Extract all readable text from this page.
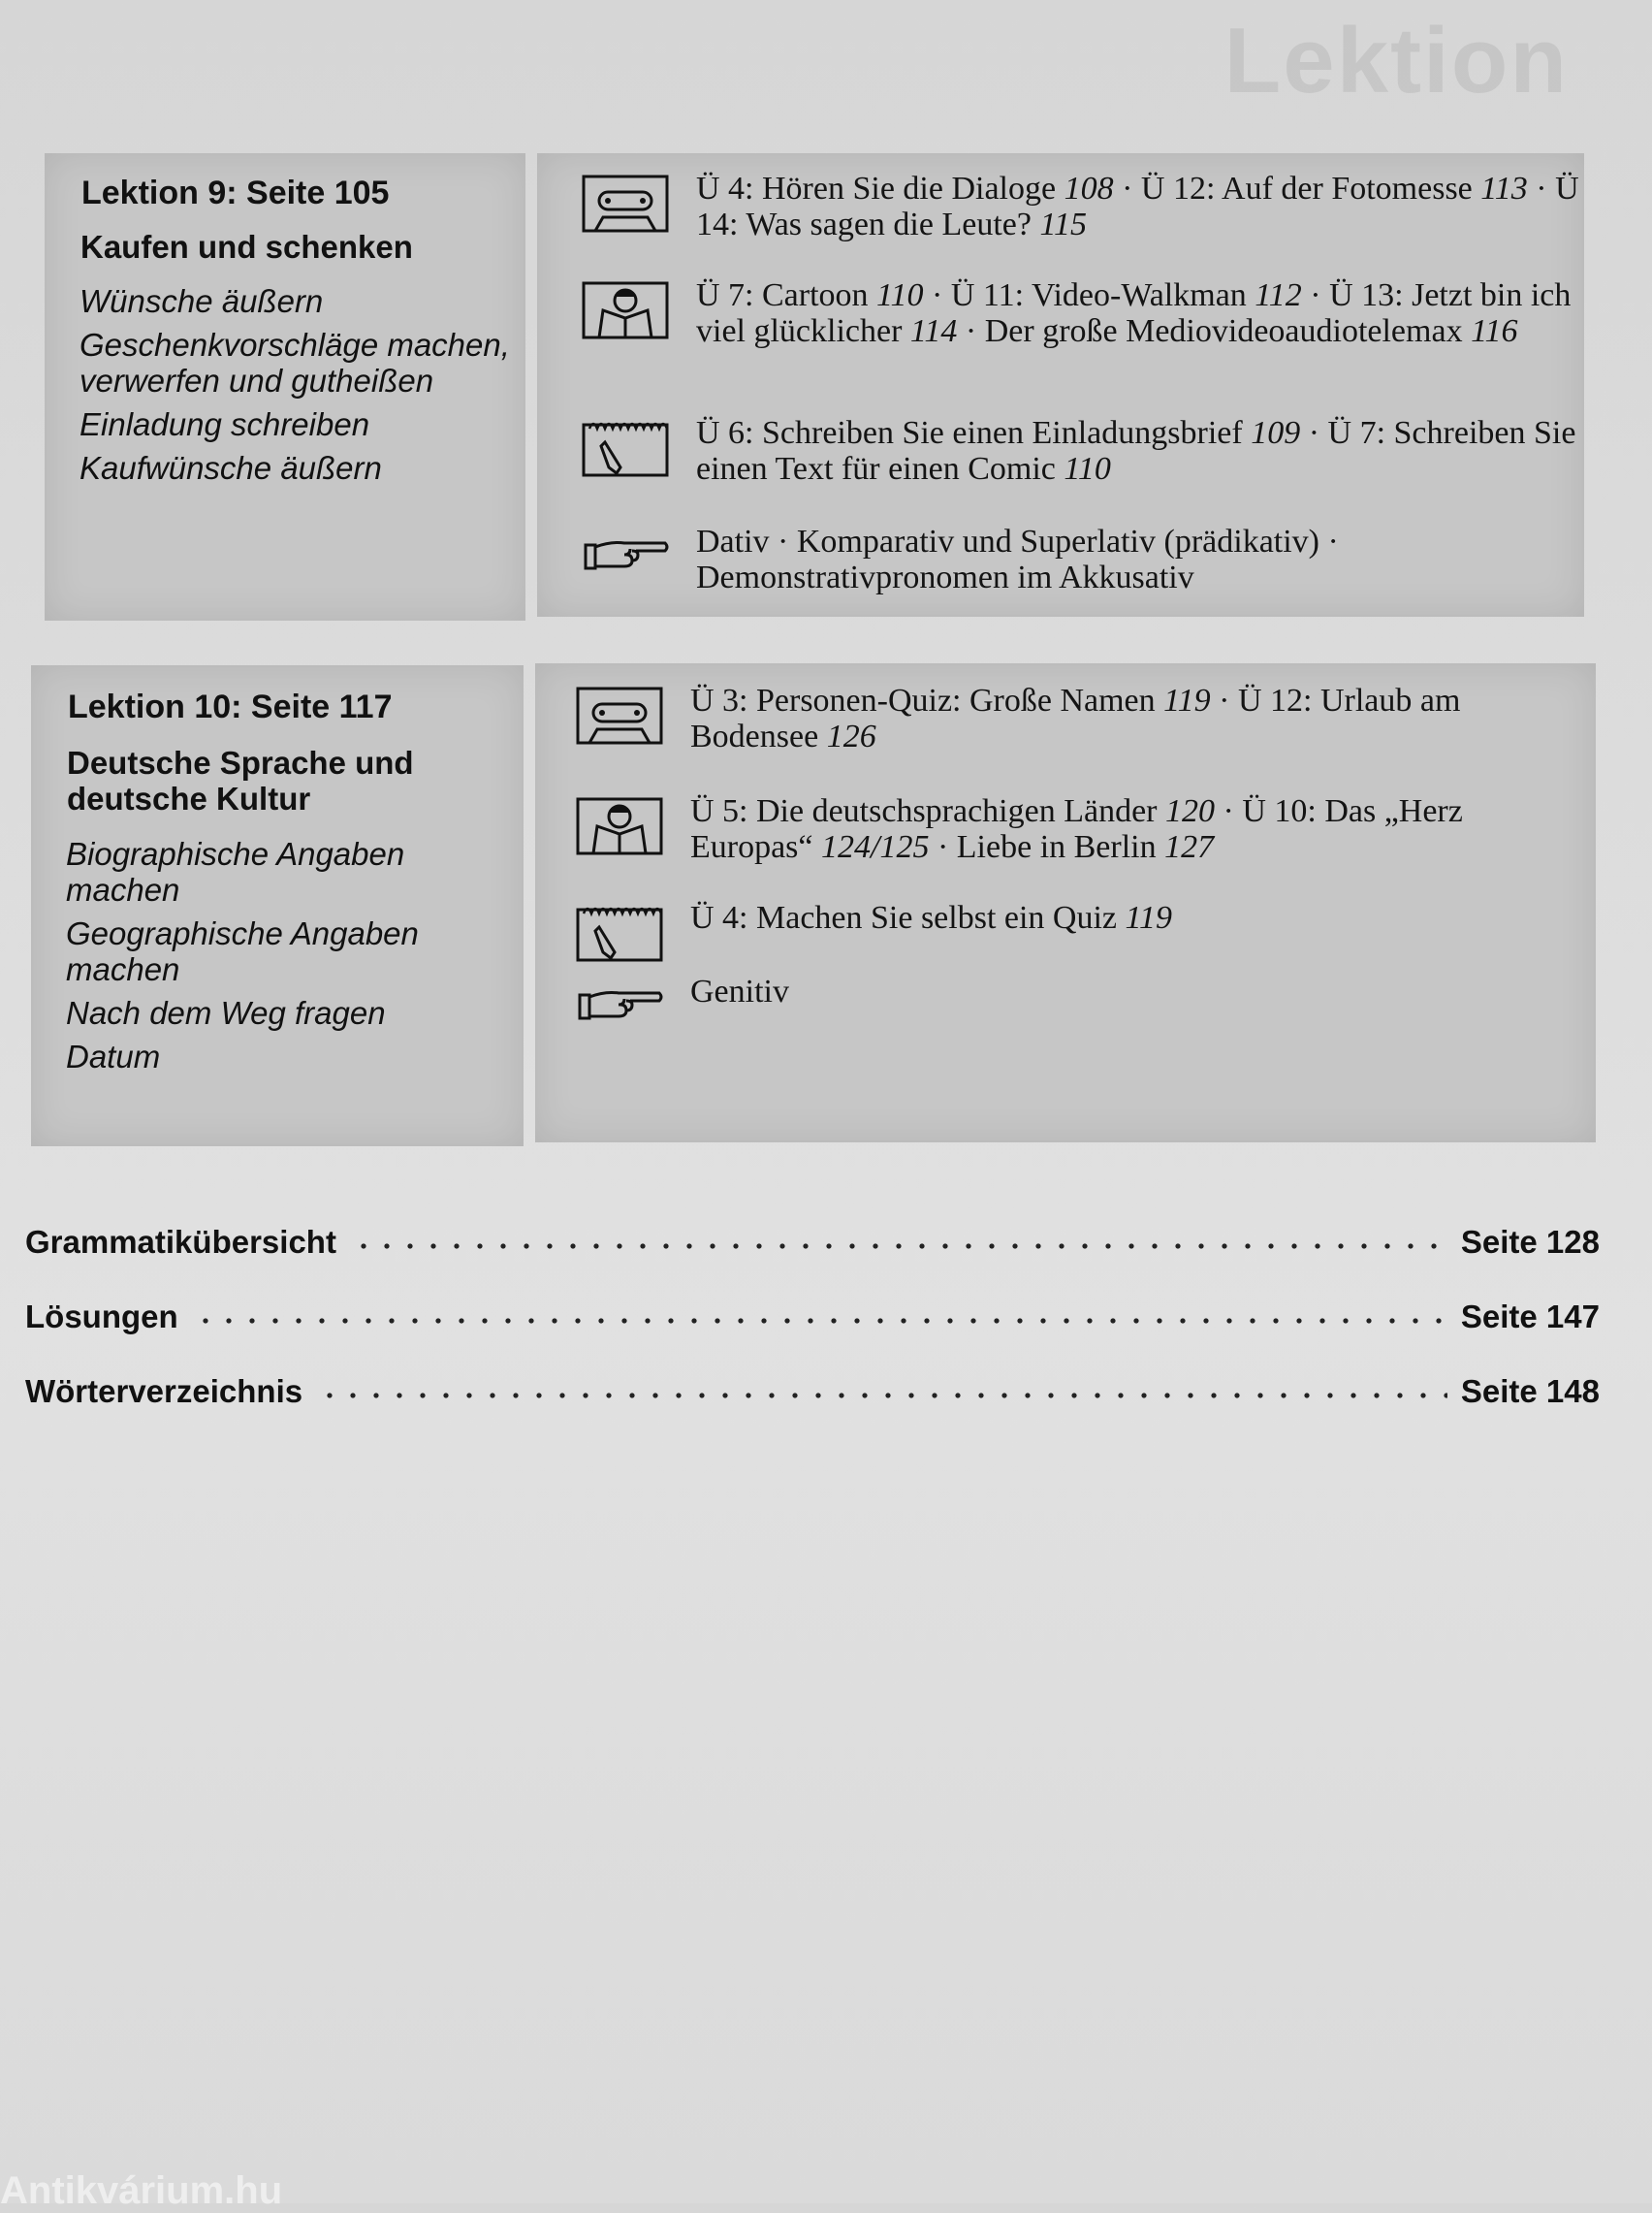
Lektion
Lektion 9: Seite 105
Kaufen und schenken
Wünsche äußern
Geschenkvorschläge machen, verwerfen und gutheißen
Einladung schreiben
Kaufwünsche äußern
Ü 4: Hören Sie die Dialoge 108 · Ü 12: Auf der Fotomesse 113 · Ü 14: Was sagen die Leute? 115
Ü 7: Cartoon 110 · Ü 11: Video-Walkman 112 · Ü 13: Jetzt bin ich viel glücklicher 114 · Der große Mediovideoaudiotelemax 116
Ü 6: Schreiben Sie einen Einladungsbrief 109 · Ü 7: Schreiben Sie einen Text für einen Comic 110
Dativ · Komparativ und Superlativ (prädikativ) · Demonstrativpronomen im Akkusativ
Lektion 10: Seite 117
Deutsche Sprache und deutsche Kultur
Biographische Angaben machen
Geographische Angaben machen
Nach dem Weg fragen
Datum
Ü 3: Personen-Quiz: Große Namen 119 · Ü 12: Urlaub am Bodensee 126
Ü 5: Die deutschsprachigen Länder 120 · Ü 10: Das „Herz Europas“ 124/125 · Liebe in Berlin 127
Ü 4: Machen Sie selbst ein Quiz 119
Genitiv
Grammatikübersicht	Seite 128
Lösungen	Seite 147
Wörterverzeichnis	Seite 148
Antikvárium.hu
